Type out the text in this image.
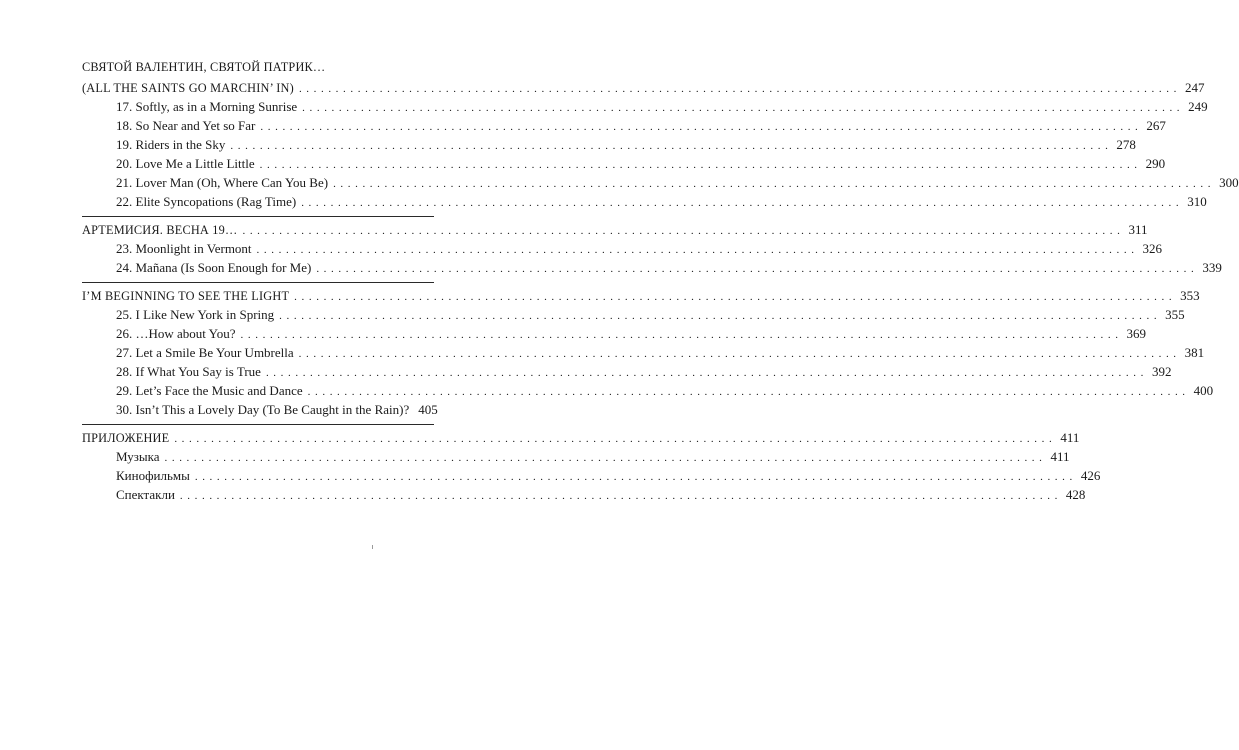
СВЯТОЙ ВАЛЕНТИН, СВЯТОЙ ПАТРИК…
(ALL THE SAINTS GO MARCHIN’ IN) ........................................................................................................................ 247
17. Softly, as in a Morning Sunrise ........................................................................................................................ 249
18. So Near and Yet so Far ........................................................................................................................ 267
19. Riders in the Sky ........................................................................................................................ 278
20. Love Me a Little Little ........................................................................................................................ 290
21. Lover Man (Oh, Where Can You Be) ........................................................................................................................ 300
22. Elite Syncopations (Rag Time) ........................................................................................................................ 310
АРТЕМИСИЯ. ВЕСНА 19… ........................................................................................................................ 311
23. Moonlight in Vermont ........................................................................................................................ 326
24. Mañana (Is Soon Enough for Me) ........................................................................................................................ 339
I’M BEGINNING TO SEE THE LIGHT ........................................................................................................................ 353
25. I Like New York in Spring ........................................................................................................................ 355
26. …How about You? ........................................................................................................................ 369
27. Let a Smile Be Your Umbrella ........................................................................................................................ 381
28. If What You Say is True ........................................................................................................................ 392
29. Let’s Face the Music and Dance ........................................................................................................................ 400
30. Isn’t This a Lovely Day (To Be Caught in the Rain)? 405
ПРИЛОЖЕНИЕ ........................................................................................................................ 411
Музыка ........................................................................................................................ 411
Кинофильмы ........................................................................................................................ 426
Спектакли ........................................................................................................................ 428
